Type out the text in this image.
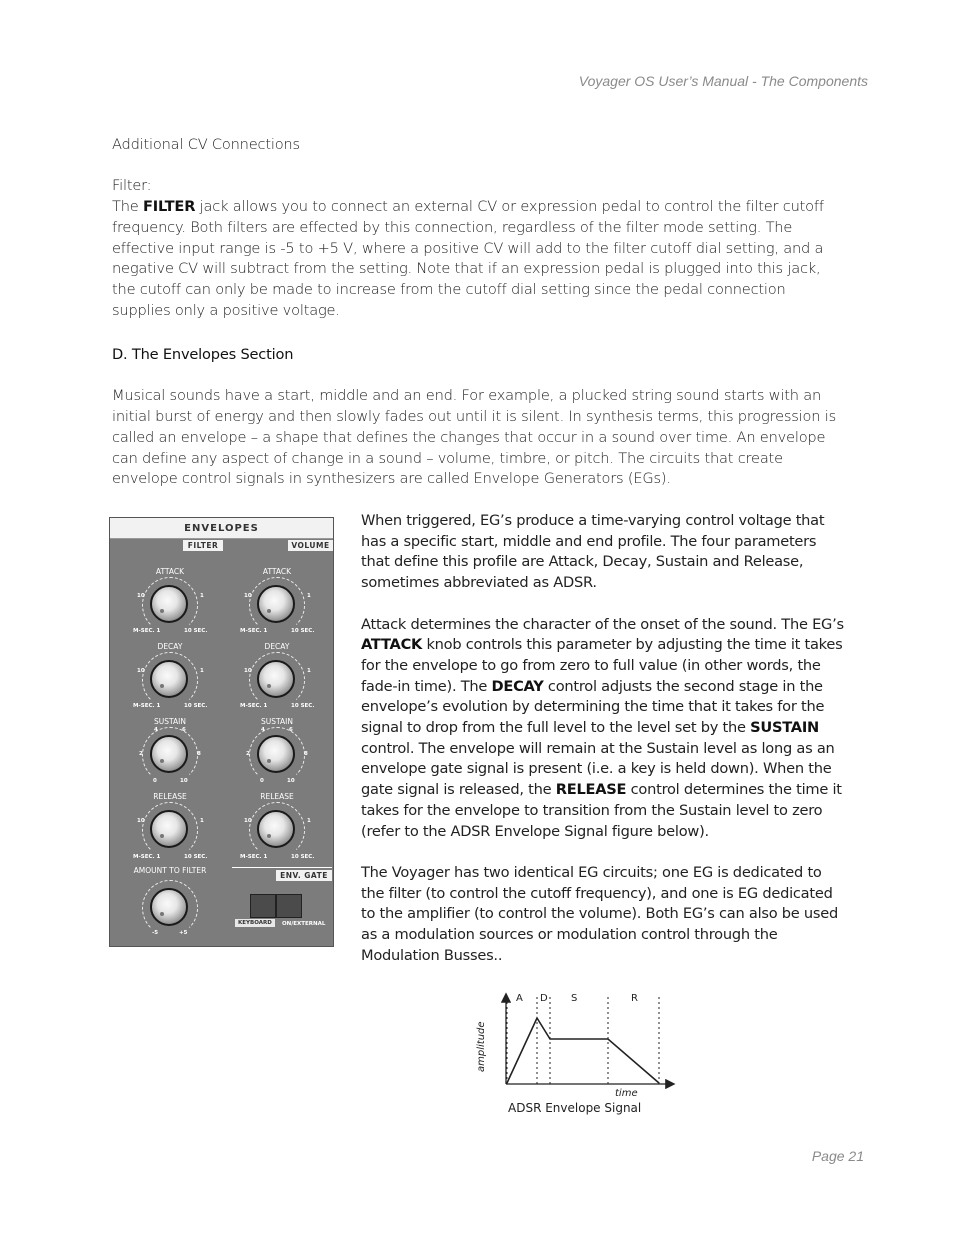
Voyager OS User’s Manual - The Components

Additional CV Connections

Filter:

The FILTER jack allows you to connect an external CV or expression pedal to control the filter cutoff frequency. Both filters are effected by this connection, regardless of the filter mode setting. The effective input range is -5 to +5 V, where a positive CV will add to the filter cutoff dial setting, and a negative CV will subtract from the setting. Note that if an expression pedal is plugged into this jack, the cutoff can only be made to increase from the cutoff dial setting since the pedal connection supplies only a positive voltage.

D. The Envelopes Section

Musical sounds have a start, middle and an end. For example, a plucked string sound starts with an initial burst of energy and then slowly fades out until it is silent. In synthesis terms, this progression is called an envelope – a shape that defines the changes that occur in a sound over time. An envelope can define any aspect of change in a sound – volume, timbre, or pitch. The circuits that create envelope control signals in synthesizers are called Envelope Generators (EGs).

When triggered, EG’s produce a time-varying control voltage that has a specific start, middle and end profile. The four parameters that define this profile are Attack, Decay, Sustain and Release, sometimes abbreviated as ADSR.

Attack determines the character of the onset of the sound. The EG’s ATTACK knob controls this parameter by adjusting the time it takes for the envelope to go from zero to full value (in other words, the fade-in time). The DECAY control adjusts the second stage in the envelope’s evolution by determining the time that it takes for the signal to drop from the full level to the level set by the SUSTAIN control. The envelope will remain at the Sustain level as long as an envelope gate signal is present (i.e. a key is held down). When the gate signal is released, the RELEASE control determines the time it takes for the envelope to transition from the Sustain level to zero (refer to the ADSR Envelope Signal figure below).

The Voyager has two identical EG circuits; one EG is dedicated to the filter (to control the cutoff frequency), and one is EG dedicated to the amplifier (to control the volume). Both EG’s can also be used as a modulation sources or modulation control through the Modulation Busses..

ENVELOPES
FILTER	VOLUME
ATTACK
10	1
M-SEC. 1	10 SEC.
DECAY
10	1
M-SEC. 1	10 SEC.
SUSTAIN
4	6
2	8
0	10
RELEASE
10	1
M-SEC. 1	10 SEC.
AMOUNT TO FILTER
-5	+5
ATTACK
10	1
M-SEC. 1	10 SEC.
DECAY
10	1
M-SEC. 1	10 SEC.
SUSTAIN
4	6
2	8
0	10
RELEASE
10	1
M-SEC. 1	10 SEC.
ENV. GATE
KEYBOARD	ON/EXTERNAL
A D S	R
amplitude
time
ADSR Envelope Signal
Page 21
